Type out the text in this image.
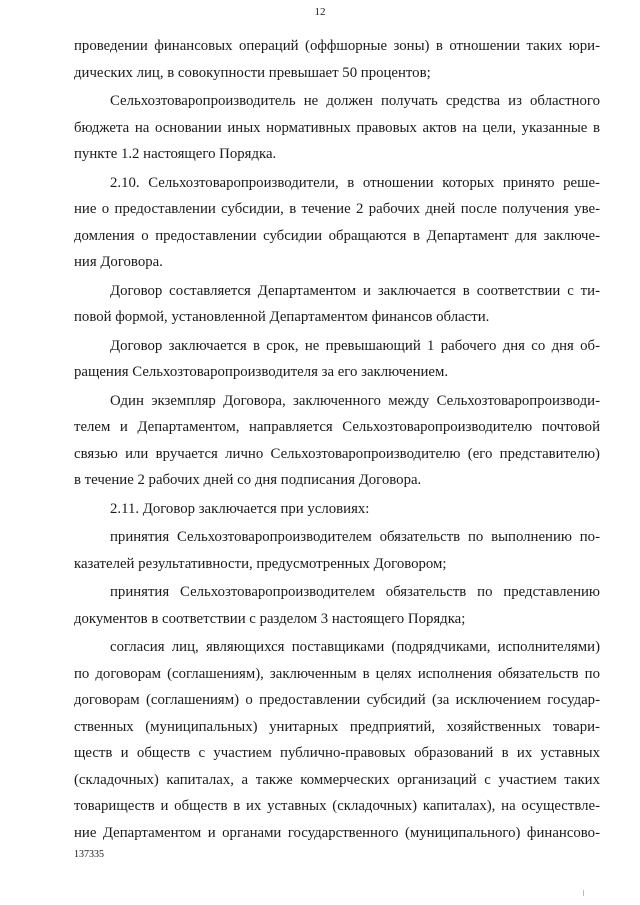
12
проведении финансовых операций (оффшорные зоны) в отношении таких юри-
дических лиц, в совокупности превышает 50 процентов;
Сельхозтоваропроизводитель не должен получать средства из областного
бюджета на основании иных нормативных правовых актов на цели, указанные в
пункте 1.2 настоящего Порядка.
2.10. Сельхозтоваропроизводители, в отношении которых принято реше-
ние о предоставлении субсидии, в течение 2 рабочих дней после получения уве-
домления о предоставлении субсидии обращаются в Департамент для заключе-
ния Договора.
Договор составляется Департаментом и заключается в соответствии с ти-
повой формой, установленной Департаментом финансов области.
Договор заключается в срок, не превышающий 1 рабочего дня со дня об-
ращения Сельхозтоваропроизводителя за его заключением.
Один экземпляр Договора, заключенного между Сельхозтоваропроизводи-
телем и Департаментом, направляется Сельхозтоваропроизводителю почтовой
связью или вручается лично Сельхозтоваропроизводителю (его представителю)
в течение 2 рабочих дней со дня подписания Договора.
2.11. Договор заключается при условиях:
принятия Сельхозтоваропроизводителем обязательств по выполнению по-
казателей результативности, предусмотренных Договором;
принятия Сельхозтоваропроизводителем обязательств по представлению
документов в соответствии с разделом 3 настоящего Порядка;
согласия лиц, являющихся поставщиками (подрядчиками, исполнителями)
по договорам (соглашениям), заключенным в целях исполнения обязательств по
договорам (соглашениям) о предоставлении субсидий (за исключением государ-
ственных (муниципальных) унитарных предприятий, хозяйственных товари-
ществ и обществ с участием публично-правовых образований в их уставных
(складочных) капиталах, а также коммерческих организаций с участием таких
товариществ и обществ в их уставных (складочных) капиталах), на осуществле-
ние Департаментом и органами государственного (муниципального) финансово-
137335
